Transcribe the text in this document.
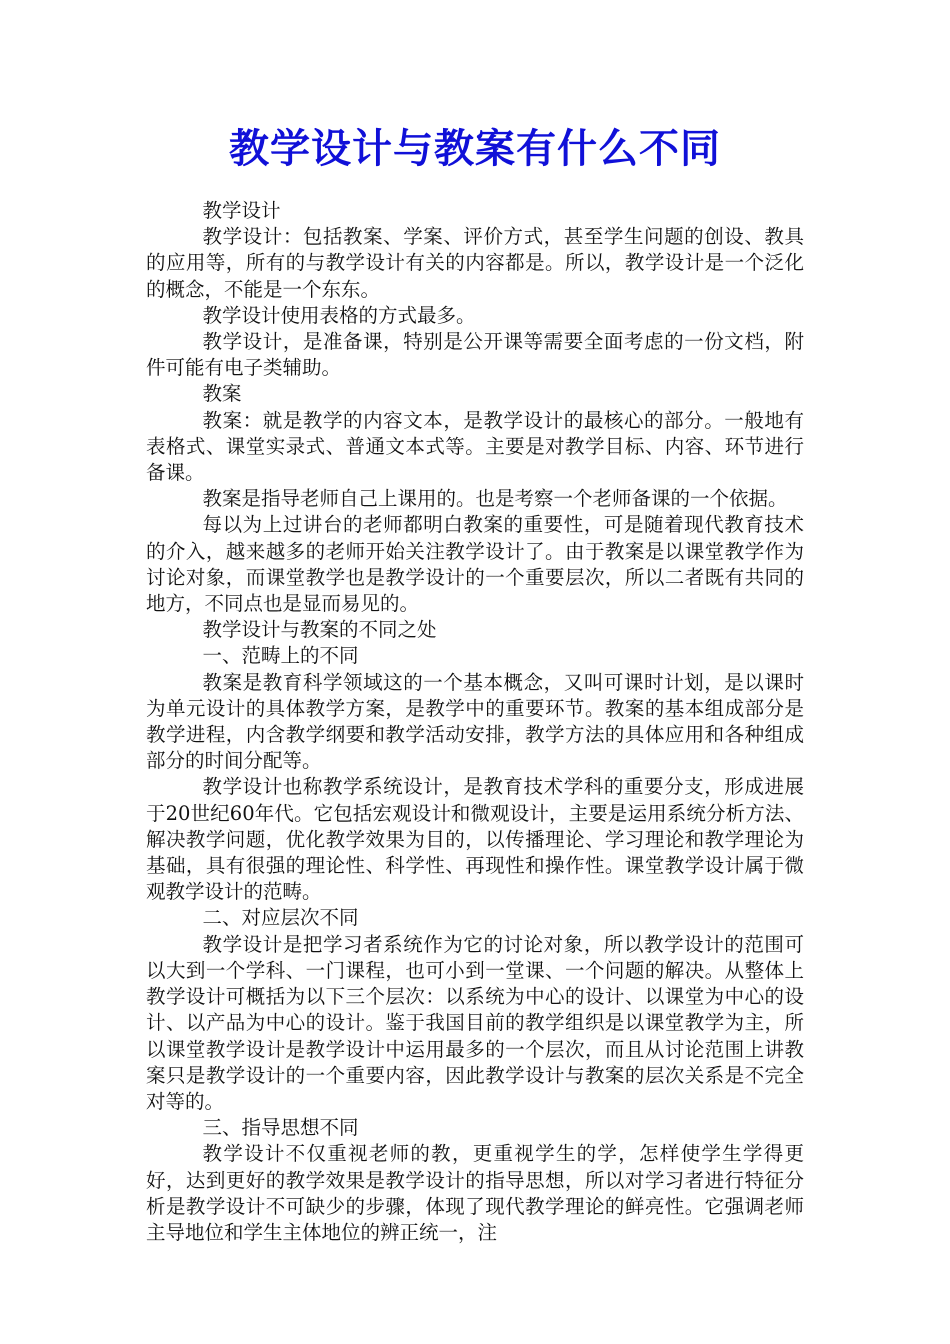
教学设计与教案有什么不同

教学设计

教学设计：包括教案、学案、评价方式，甚至学生问题的创设、教具的应用等，所有的与教学设计有关的内容都是。所以，教学设计是一个泛化的概念，不能是一个东东。

教学设计使用表格的方式最多。

教学设计，是准备课，特别是公开课等需要全面考虑的一份文档，附件可能有电子类辅助。

教案

教案：就是教学的内容文本，是教学设计的最核心的部分。一般地有表格式、课堂实录式、普通文本式等。主要是对教学目标、内容、环节进行备课。

教案是指导老师自己上课用的。也是考察一个老师备课的一个依据。

每以为上过讲台的老师都明白教案的重要性，可是随着现代教育技术的介入，越来越多的老师开始关注教学设计了。由于教案是以课堂教学作为讨论对象，而课堂教学也是教学设计的一个重要层次，所以二者既有共同的地方，不同点也是显而易见的。

教学设计与教案的不同之处

一、范畴上的不同

教案是教育科学领域这的一个基本概念，又叫可课时计划，是以课时为单元设计的具体教学方案，是教学中的重要环节。教案的基本组成部分是教学进程，内含教学纲要和教学活动安排，教学方法的具体应用和各种组成部分的时间分配等。

教学设计也称教学系统设计，是教育技术学科的重要分支，形成进展于20世纪60年代。它包括宏观设计和微观设计，主要是运用系统分析方法、解决教学问题，优化教学效果为目的，以传播理论、学习理论和教学理论为基础，具有很强的理论性、科学性、再现性和操作性。课堂教学设计属于微观教学设计的范畴。

二、对应层次不同

教学设计是把学习者系统作为它的讨论对象，所以教学设计的范围可以大到一个学科、一门课程，也可小到一堂课、一个问题的解决。从整体上教学设计可概括为以下三个层次：以系统为中心的设计、以课堂为中心的设计、以产品为中心的设计。鉴于我国目前的教学组织是以课堂教学为主，所以课堂教学设计是教学设计中运用最多的一个层次，而且从讨论范围上讲教案只是教学设计的一个重要内容，因此教学设计与教案的层次关系是不完全对等的。

三、指导思想不同

教学设计不仅重视老师的教，更重视学生的学，怎样使学生学得更好，达到更好的教学效果是教学设计的指导思想，所以对学习者进行特征分析是教学设计不可缺少的步骤，体现了现代教学理论的鲜亮性。它强调老师主导地位和学生主体地位的辨正统一，注
